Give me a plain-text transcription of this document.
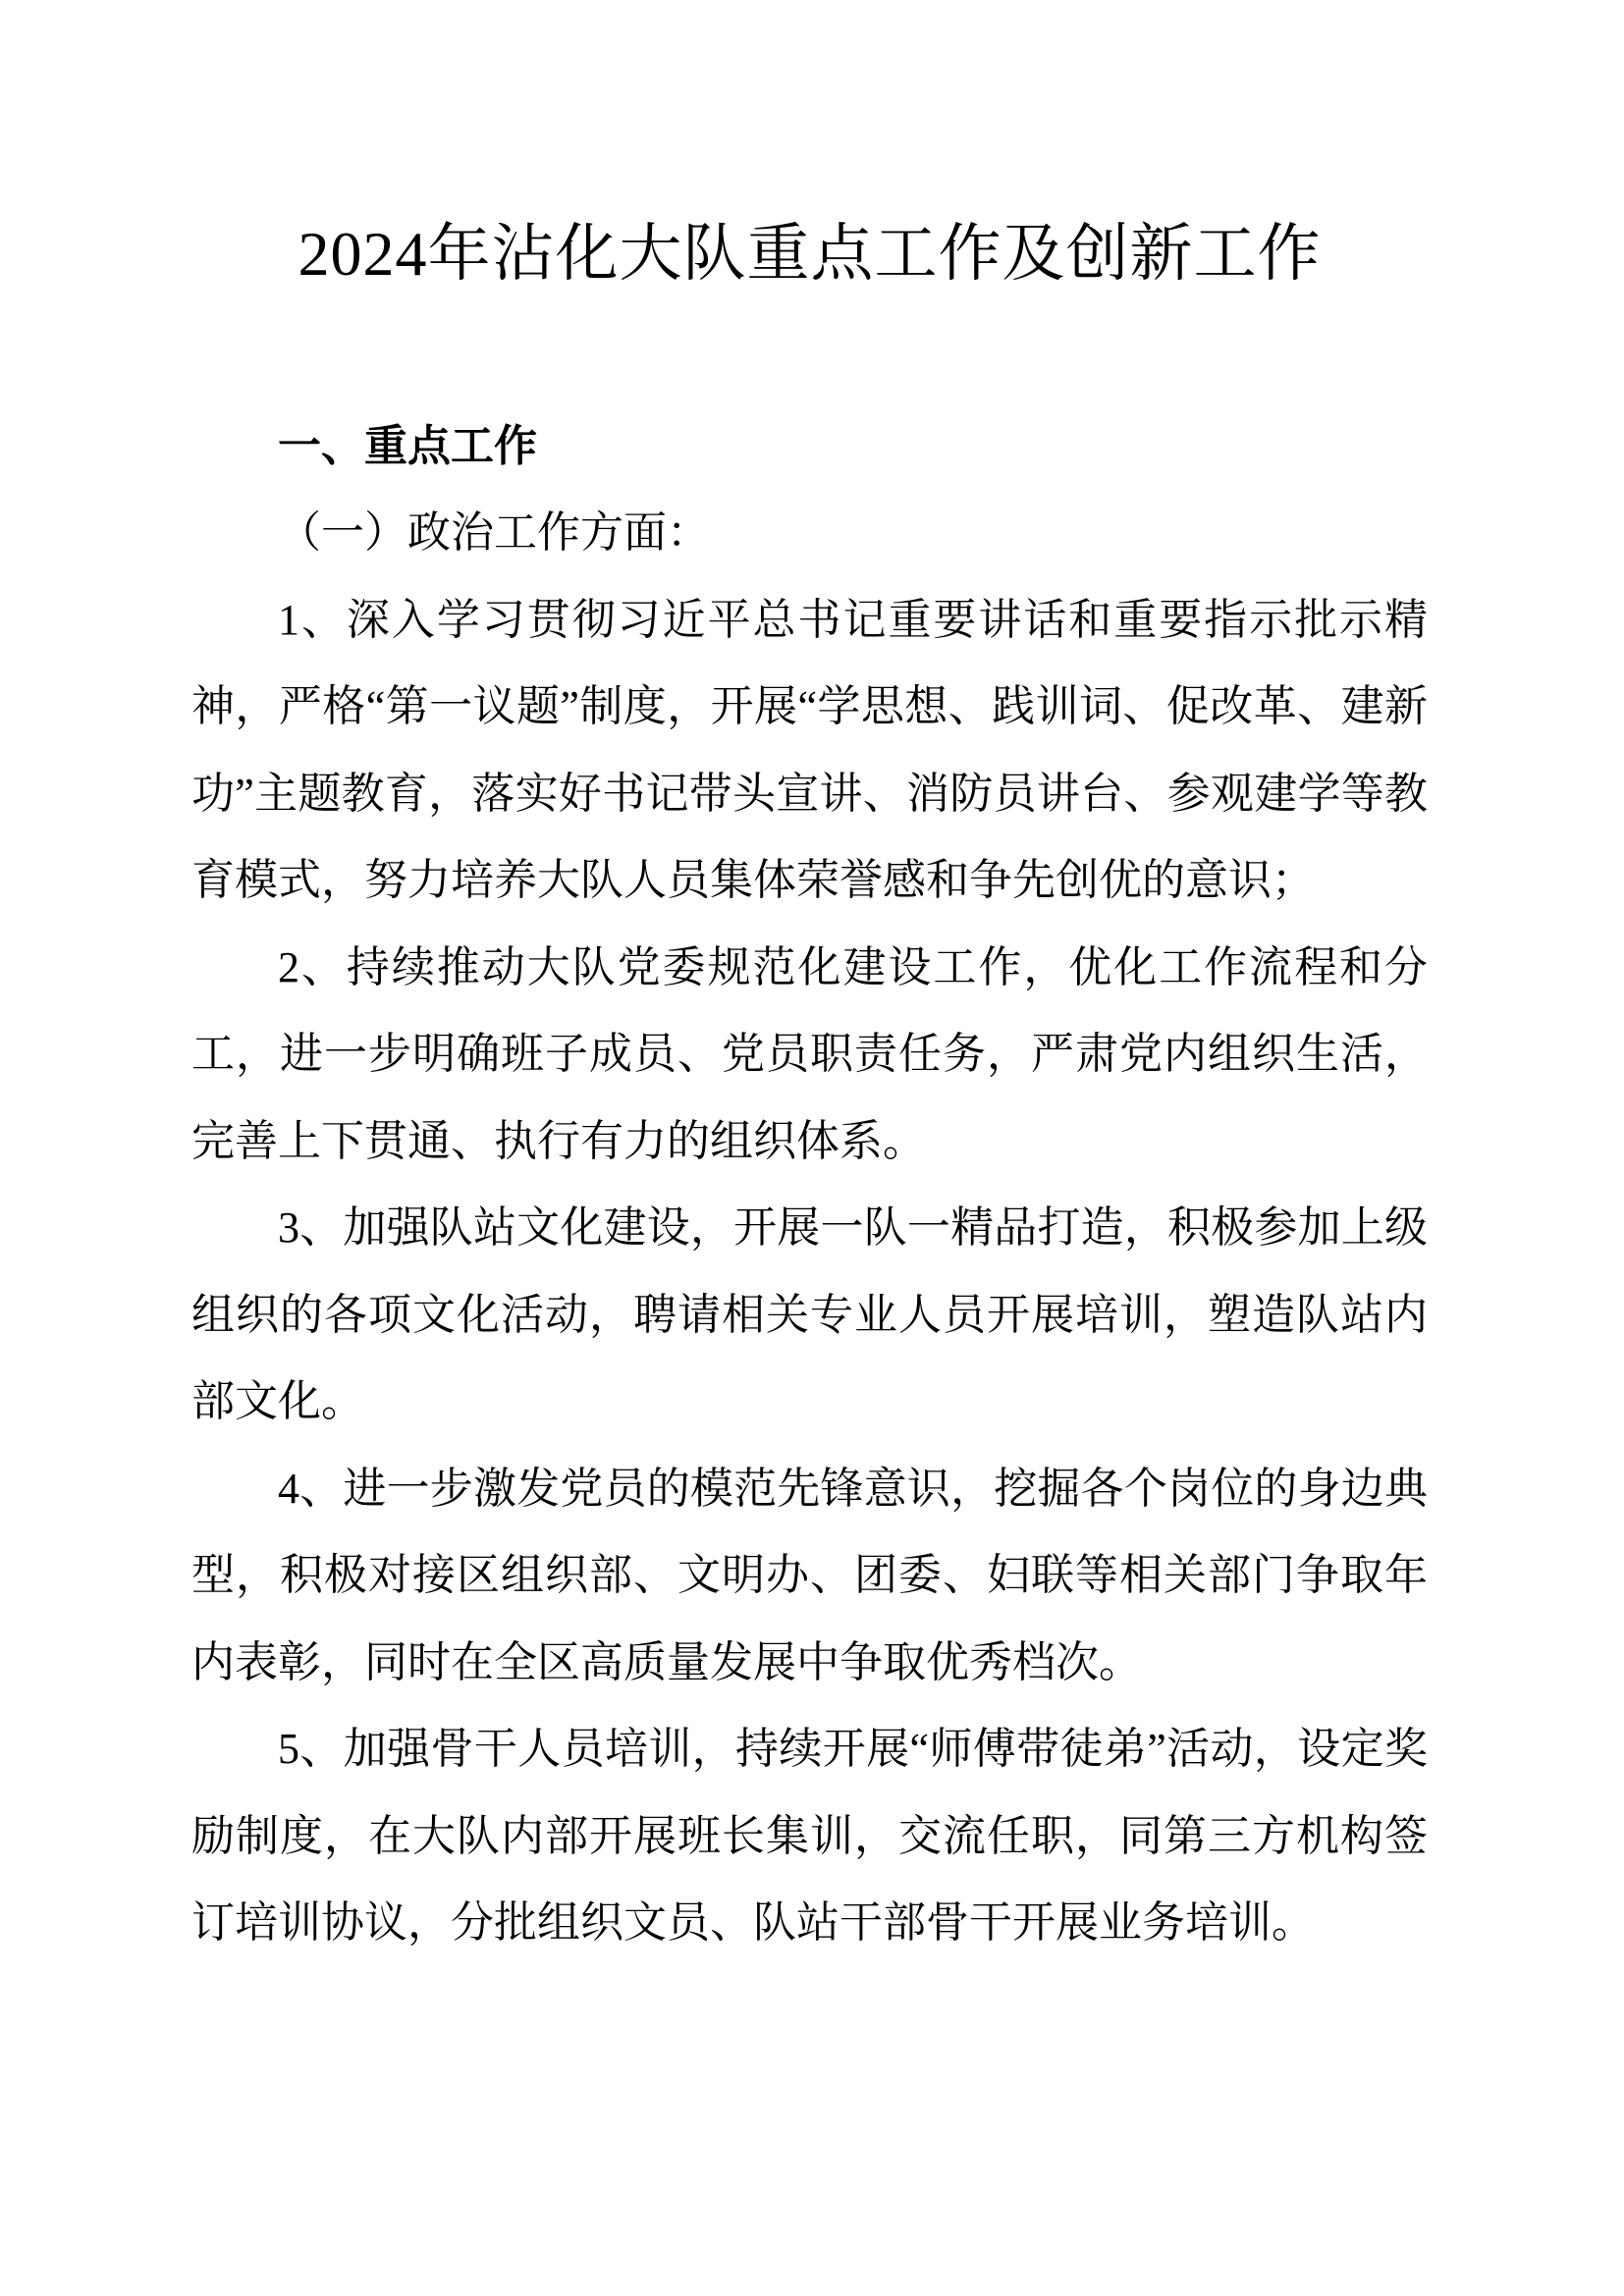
2024年沾化大队重点工作及创新工作

一、重点工作

（一）政治工作方面：

1、深入学习贯彻习近平总书记重要讲话和重要指示批示精神，严格“第一议题”制度，开展“学思想、践训词、促改革、建新功”主题教育，落实好书记带头宣讲、消防员讲台、参观建学等教育模式，努力培养大队人员集体荣誉感和争先创优的意识；

2、持续推动大队党委规范化建设工作，优化工作流程和分工，进一步明确班子成员、党员职责任务，严肃党内组织生活，完善上下贯通、执行有力的组织体系。

3、加强队站文化建设，开展一队一精品打造，积极参加上级组织的各项文化活动，聘请相关专业人员开展培训，塑造队站内部文化。

4、进一步激发党员的模范先锋意识，挖掘各个岗位的身边典型，积极对接区组织部、文明办、团委、妇联等相关部门争取年内表彰，同时在全区高质量发展中争取优秀档次。

5、加强骨干人员培训，持续开展“师傅带徒弟”活动，设定奖励制度，在大队内部开展班长集训，交流任职，同第三方机构签订培训协议，分批组织文员、队站干部骨干开展业务培训。
